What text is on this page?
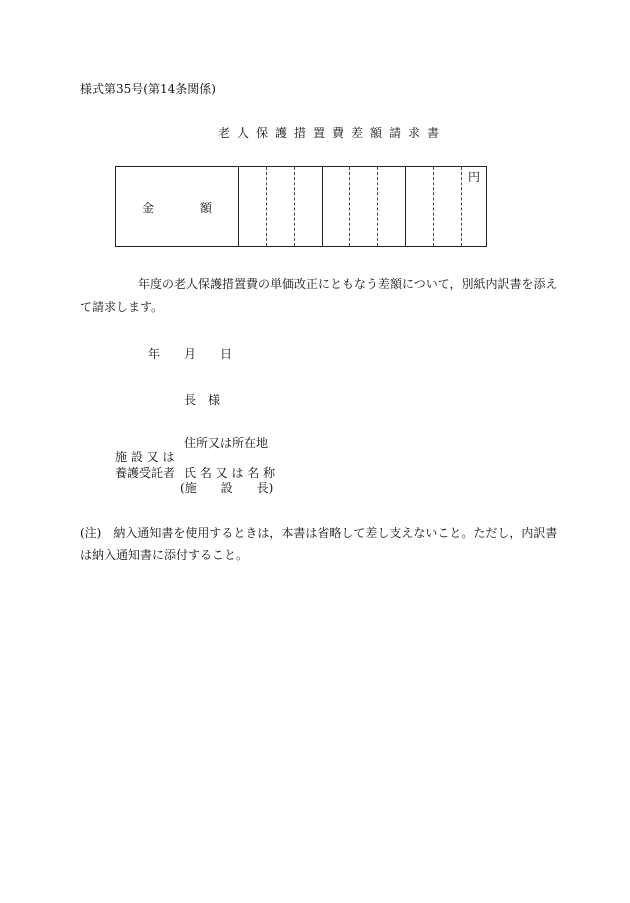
様式第35号(第14条関係)
老人保護措置費差額請求書
金	額
円
年度の老人保護措置費の単価改正にともなう差額について，別紙内訳書を添え
て請求します。
年 月 日
長　様
住所又は所在地
施 設 又 は
養護受託者 氏 名 又 は 名 称
(施　　設　　長)
(注)　納入通知書を使用するときは，本書は省略して差し支えないこと。ただし，内訳書
は納入通知書に添付すること。
